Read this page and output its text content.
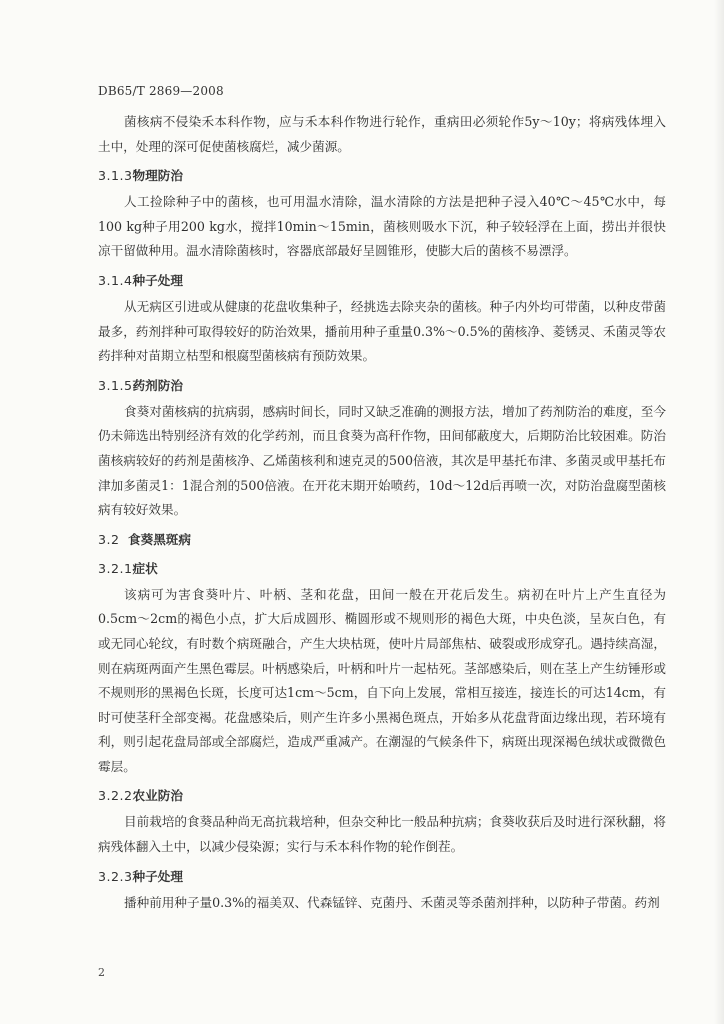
DB65/T 2869—2008

菌核病不侵染禾本科作物，应与禾本科作物进行轮作，重病田必须轮作5y～10y；将病残体埋入土中，处理的深可促使菌核腐烂，减少菌源。

3.1.3物理防治

人工捡除种子中的菌核，也可用温水清除，温水清除的方法是把种子浸入40℃～45℃水中，每100 kg种子用200 kg水，搅拌10min～15min，菌核则吸水下沉，种子较轻浮在上面，捞出并很快凉干留做种用。温水清除菌核时，容器底部最好呈圆锥形，使膨大后的菌核不易漂浮。

3.1.4种子处理

从无病区引进或从健康的花盘收集种子，经挑选去除夹杂的菌核。种子内外均可带菌，以种皮带菌最多，药剂拌种可取得较好的防治效果，播前用种子重量0.3%～0.5%的菌核净、菱锈灵、禾菌灵等农药拌种对苗期立枯型和根腐型菌核病有预防效果。

3.1.5药剂防治

食葵对菌核病的抗病弱，感病时间长，同时又缺乏准确的测报方法，增加了药剂防治的难度，至今仍未筛选出特别经济有效的化学药剂，而且食葵为高秆作物，田间郁蔽度大，后期防治比较困难。防治菌核病较好的药剂是菌核净、乙烯菌核利和速克灵的500倍液，其次是甲基托布津、多菌灵或甲基托布津加多菌灵1：1混合剂的500倍液。在开花末期开始喷药，10d～12d后再喷一次，对防治盘腐型菌核病有较好效果。

3.2 食葵黑斑病

3.2.1症状

该病可为害食葵叶片、叶柄、茎和花盘，田间一般在开花后发生。病初在叶片上产生直径为0.5cm～2cm的褐色小点，扩大后成圆形、椭圆形或不规则形的褐色大斑，中央色淡，呈灰白色，有或无同心轮纹，有时数个病斑融合，产生大块枯斑，使叶片局部焦枯、破裂或形成穿孔。遇持续高湿，则在病斑两面产生黑色霉层。叶柄感染后，叶柄和叶片一起枯死。茎部感染后，则在茎上产生纺锤形或不规则形的黑褐色长斑，长度可达1cm～5cm，自下向上发展，常相互接连，接连长的可达14cm，有时可使茎秆全部变褐。花盘感染后，则产生许多小黑褐色斑点，开始多从花盘背面边缘出现，若环境有利，则引起花盘局部或全部腐烂，造成严重减产。在潮湿的气候条件下，病斑出现深褐色绒状或微微色霉层。

3.2.2农业防治

目前栽培的食葵品种尚无高抗栽培种，但杂交种比一般品种抗病；食葵收获后及时进行深秋翻，将病残体翻入土中，以减少侵染源；实行与禾本科作物的轮作倒茬。

3.2.3种子处理

播种前用种子量0.3%的福美双、代森锰锌、克菌丹、禾菌灵等杀菌剂拌种，以防种子带菌。药剂

2
